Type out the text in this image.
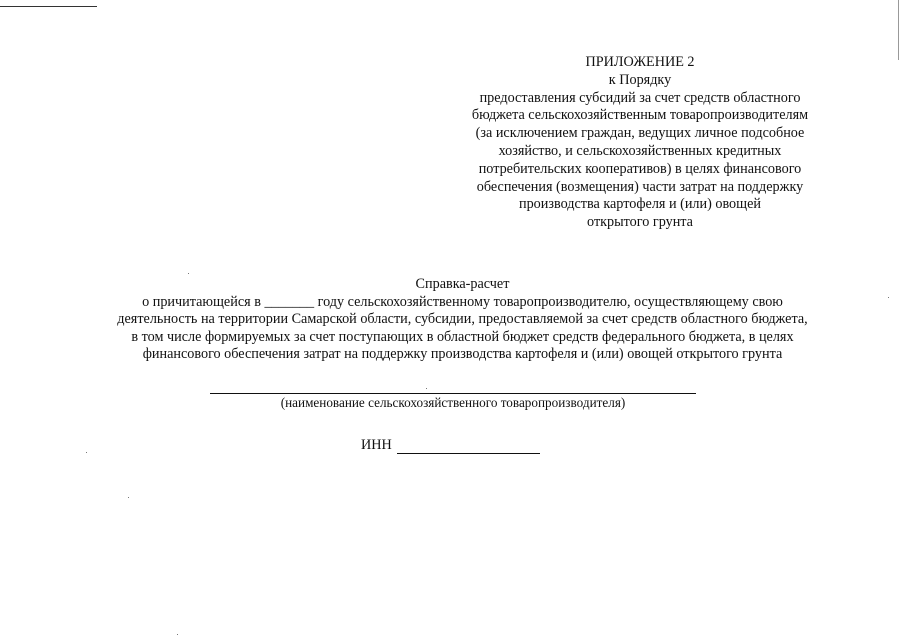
ПРИЛОЖЕНИЕ 2
к Порядку
предоставления субсидий за счет средств областного
бюджета сельскохозяйственным товаропроизводителям
(за исключением граждан, ведущих личное подсобное
хозяйство, и сельскохозяйственных кредитных
потребительских кооперативов) в целях финансового
обеспечения (возмещения) части затрат на поддержку
производства картофеля и (или) овощей
открытого грунта
Справка-расчет
о причитающейся в _______ году сельскохозяйственному товаропроизводителю, осуществляющему свою
деятельность на территории Самарской области, субсидии, предоставляемой за счет средств областного бюджета,
в том числе формируемых за счет поступающих в областной бюджет средств федерального бюджета, в целях
финансового обеспечения затрат на поддержку производства картофеля и (или) овощей открытого грунта
(наименование сельскохозяйственного товаропроизводителя)
ИНН
